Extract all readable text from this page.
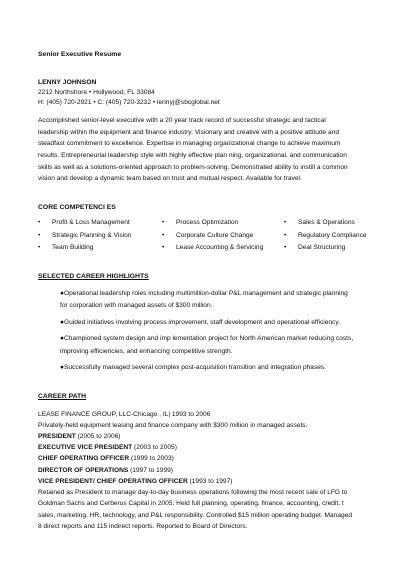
Senior Executive Resume
LENNY JOHNSON
2212 Northshore • Hollywood, FL 33084
H: (405) 720-2921 • C: (405) 720-3232 • lennyj@sbcglobal.net
Accomplished senior-level executive with a 20 year track record of successful strategic and tactical
leadership within the equipment and finance industry. Visionary and creative with a positive attitude and
steadfast commitment to excellence. Expertise in managing organizational change to achieve maximum
results. Entrepreneurial leadership style with highly effective plan ning, organizational, and communication
skills as well as a solutions-oriented approach to problem-solving. Demonstrated ability to instill a common
vision and develop a dynamic team based on trust and mutual respect. Available for travel.
CORE COMPETENCI ES
• Profit & Loss Management	• Process Optimization	• Sales & Operations
• Strategic Planning & Vision	• Corporate Culture Change	• Regulatory Compliance
• Team Building	• Lease Accounting & Servicing	• Deal Structuring
SELECTED CAREER HIGHLIGHTS
●Operational leadership roles including multimillion-dollar P&L management and strategic planning
for corporation with managed assets of $300 million.
●Guided initiatives involving process improvement, staff development and operational efficiency.
●Championed system design and imp lementation project for North American market reducing costs,
improving efficiencies, and enhancing competitive strength.
●Successfully managed several complex post-acquisition transition and integration phases.
CAREER PATH
LEASE FINANCE GROUP, LLC-Chicago , IL| 1993 to 2006
Privately-held equipment leasing and finance company with $300 million in managed assets.
PRESIDENT (2005 to 2006)
EXECUTIVE VICE PRESIDENT (2003 to 2005)
CHIEF OPERATING OFFICER (1999 to 2003)
DIRECTOR OF OPERATIONS (1997 to 1999)
VICE PRESIDENT/ CHIEF OPERATING OFFICER (1993 to 1997)
Retained as President to manage day-to-day business operations following the most recent sale of LFG to
Goldman Sachs and Cerberus Capital in 2005. Held full planning, operating, finance, accounting, credit, t
sales, marketing, HR, technology, and P&L responsibility. Controlled $15 million operating budget. Managed
8 direct reports and 115 indirect reports. Reported to Board of Directors.
